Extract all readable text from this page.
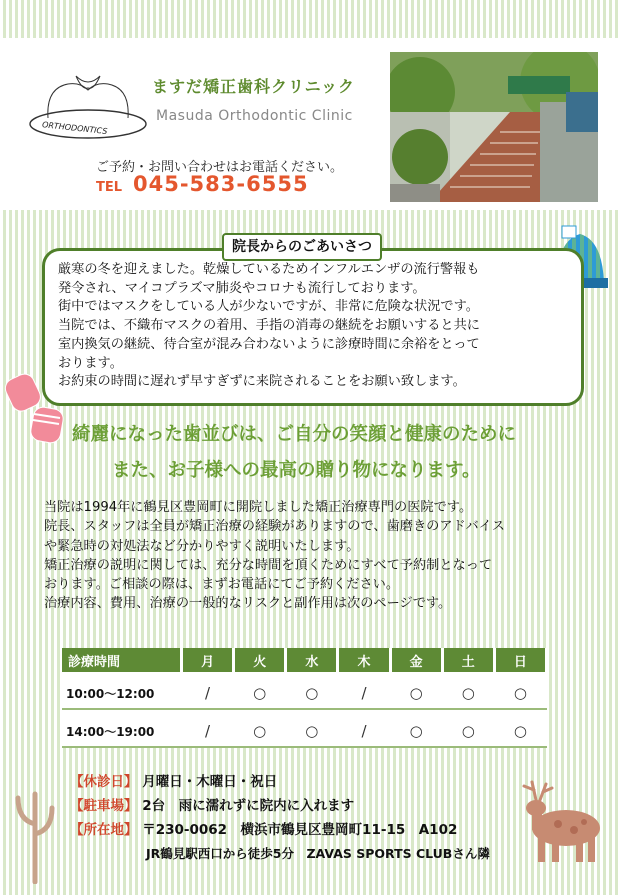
ORTHODONTICS
ますだ矯正歯科クリニック
Masuda Orthodontic Clinic
ご予約・お問い合わせはお電話ください。
TEL 045-583-6555
院長からのごあいさつ
厳寒の冬を迎えました。乾燥しているためインフルエンザの流行警報も
発令され、マイコプラズマ肺炎やコロナも流行しております。
街中ではマスクをしている人が少ないですが、非常に危険な状況です。
当院では、不織布マスクの着用、手指の消毒の継続をお願いすると共に
室内換気の継続、待合室が混み合わないように診療時間に余裕をとって
おります。
お約束の時間に遅れず早すぎずに来院されることをお願い致します。
綺麗になった歯並びは、ご自分の笑顔と健康のために
また、お子様への最高の贈り物になります。
当院は1994年に鶴見区豊岡町に開院しました矯正治療専門の医院です。
院長、スタッフは全員が矯正治療の経験がありますので、歯磨きのアドバイス
や緊急時の対処法など分かりやすく説明いたします。
矯正治療の説明に関しては、充分な時間を頂くためにすべて予約制となって
おります。ご相談の際は、まずお電話にてご予約ください。
治療内容、費用、治療の一般的なリスクと副作用は次のページです。
診療時間	月	火	水	木	金	土	日

10:00〜12:00	/	○	○	/	○	○	○

14:00〜19:00	/	○	○	/	○	○	○
【休診日】 月曜日・木曜日・祝日
【駐車場】 2台　雨に濡れずに院内に入れます
【所在地】 〒230-0062　横浜市鶴見区豊岡町11-15　A102
JR鶴見駅西口から徒歩5分　ZAVAS SPORTS CLUBさん隣
